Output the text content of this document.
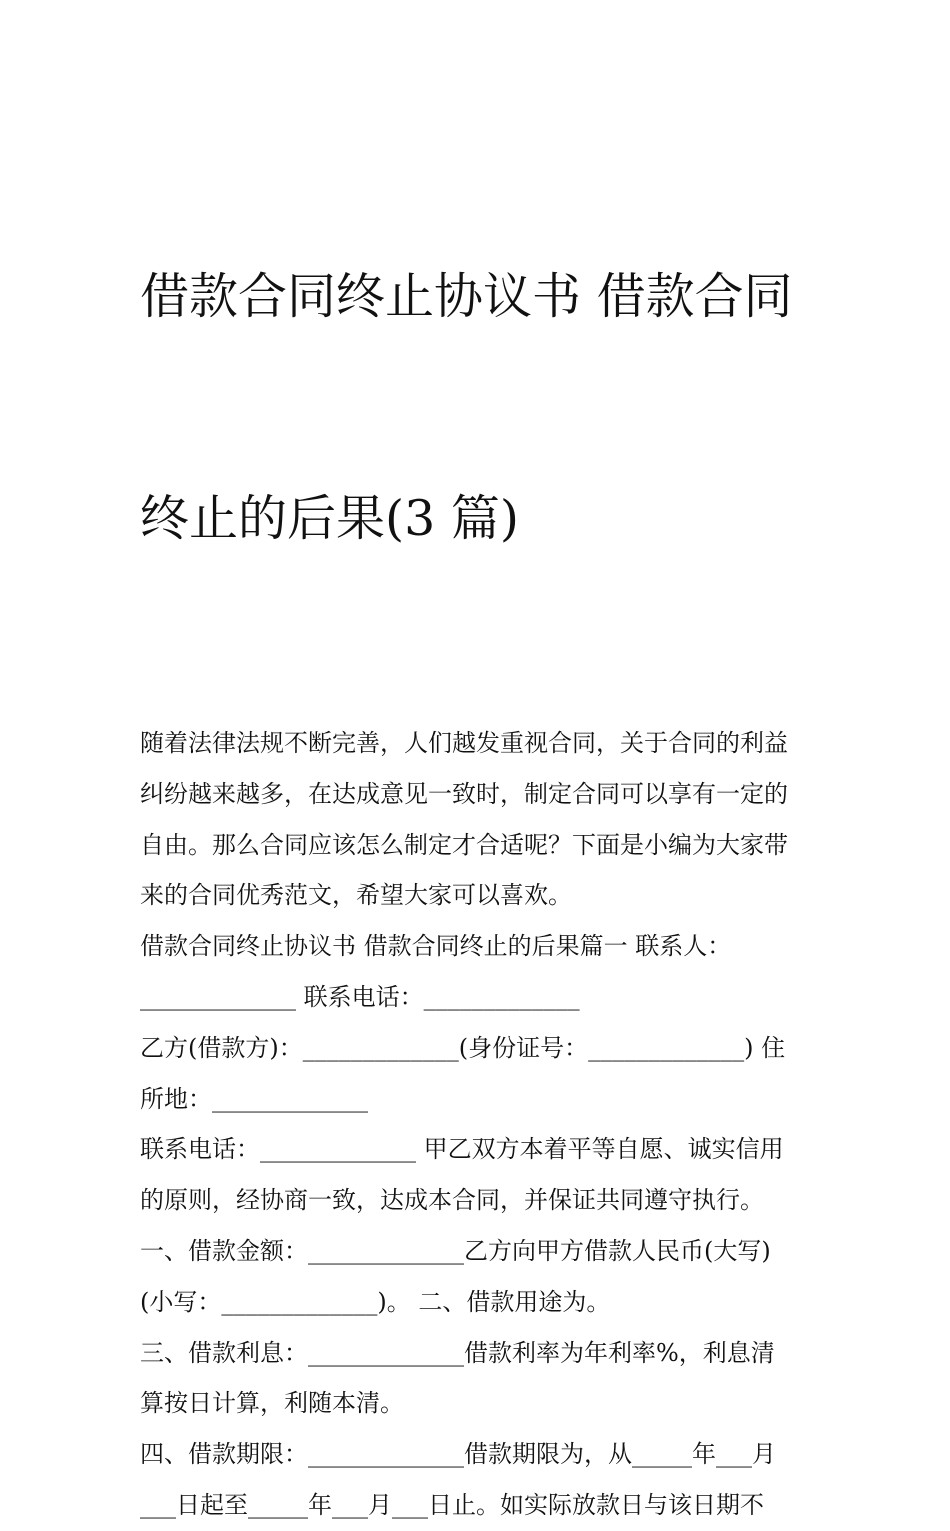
借款合同终止协议书 借款合同

终止的后果(3 篇)

随着法律法规不断完善，人们越发重视合同，关于合同的利益
纠纷越来越多，在达成意见一致时，制定合同可以享有一定的
自由。那么合同应该怎么制定才合适呢？下面是小编为大家带
来的合同优秀范文，希望大家可以喜欢。
借款合同终止协议书 借款合同终止的后果篇一 联系人：
_____________ 联系电话：_____________
乙方(借款方)：_____________(身份证号：_____________) 住
所地：_____________
联系电话：_____________ 甲乙双方本着平等自愿、诚实信用
的原则，经协商一致，达成本合同，并保证共同遵守执行。
一、借款金额：_____________乙方向甲方借款人民币(大写)
(小写：_____________)。 二、借款用途为。
三、借款利息：_____________借款利率为年利率%，利息清
算按日计算，利随本清。
四、借款期限：_____________借款期限为，从_____年___月
___日起至_____年___月___日止。如实际放款日与该日期不
